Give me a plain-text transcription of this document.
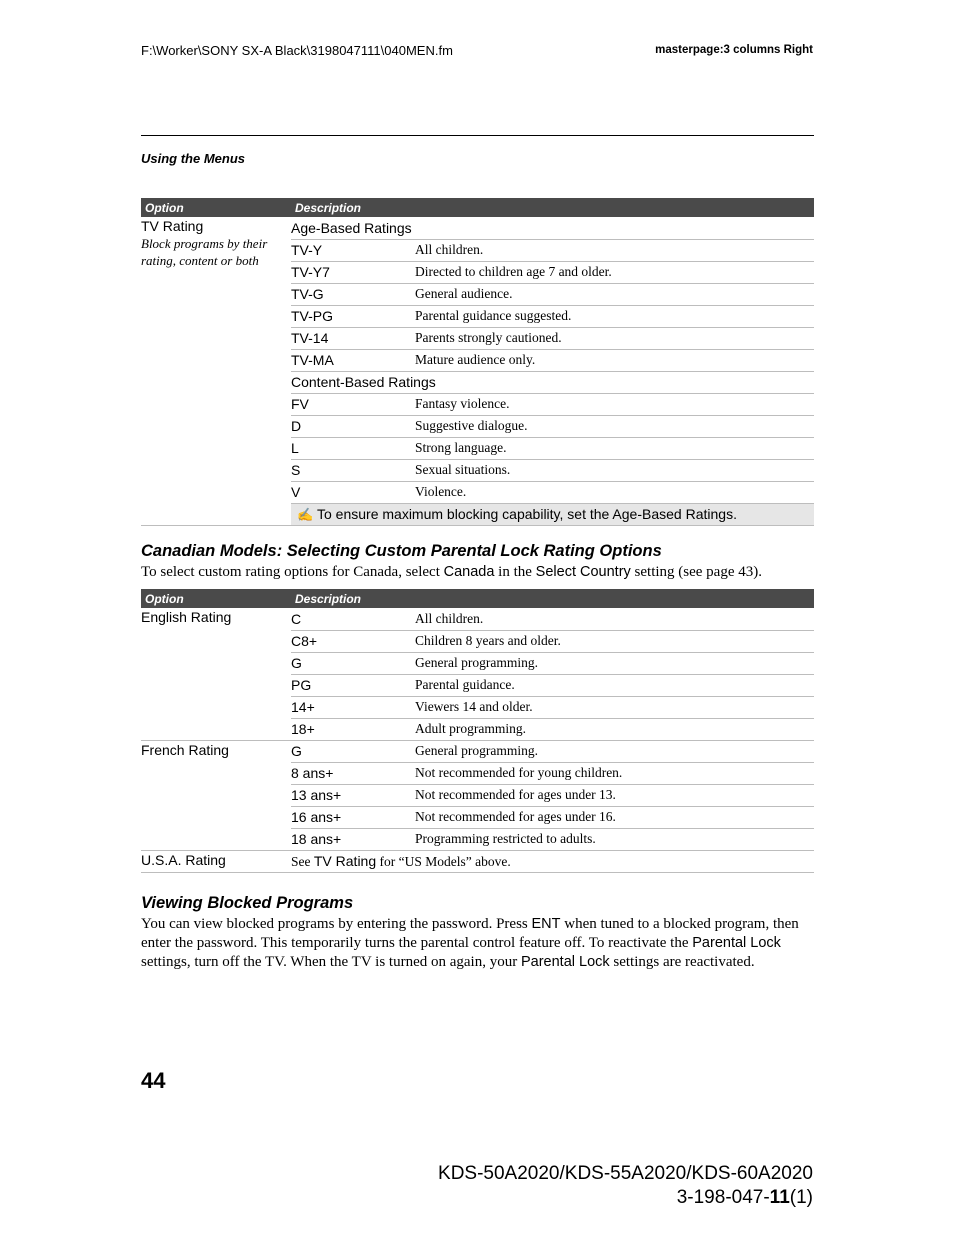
F:\Worker\SONY SX-A Black\3198047111\040MEN.fm	masterpage:3 columns Right
Using the Menus
Option	Description	
TV Rating
Block programs by their rating, content or both	Age-Based Ratings	
	TV-Y	All children.
	TV-Y7	Directed to children age 7 and older.
	TV-G	General audience.
	TV-PG	Parental guidance suggested.
	TV-14	Parents strongly cautioned.
	TV-MA	Mature audience only.
	Content-Based Ratings	
	FV	Fantasy violence.
	D	Suggestive dialogue.
	L	Strong language.
	S	Sexual situations.
	V	Violence.
	✍ To ensure maximum blocking capability, set the Age-Based Ratings.	
Canadian Models: Selecting Custom Parental Lock Rating Options
To select custom rating options for Canada, select Canada in the Select Country setting (see page 43).
Option	Description	
English Rating	C	All children.
	C8+	Children 8 years and older.
	G	General programming.
	PG	Parental guidance.
	14+	Viewers 14 and older.
	18+	Adult programming.
French Rating	G	General programming.
	8 ans+	Not recommended for young children.
	13 ans+	Not recommended for ages under 13.
	16 ans+	Not recommended for ages under 16.
	18 ans+	Programming restricted to adults.
U.S.A. Rating	See TV Rating for “US Models” above.	
Viewing Blocked Programs
You can view blocked programs by entering the password. Press ENT when tuned to a blocked program, then enter the password. This temporarily turns the parental control feature off. To reactivate the Parental Lock settings, turn off the TV. When the TV is turned on again, your Parental Lock settings are reactivated.
44
KDS-50A2020/KDS-55A2020/KDS-60A2020
3-198-047-11(1)
